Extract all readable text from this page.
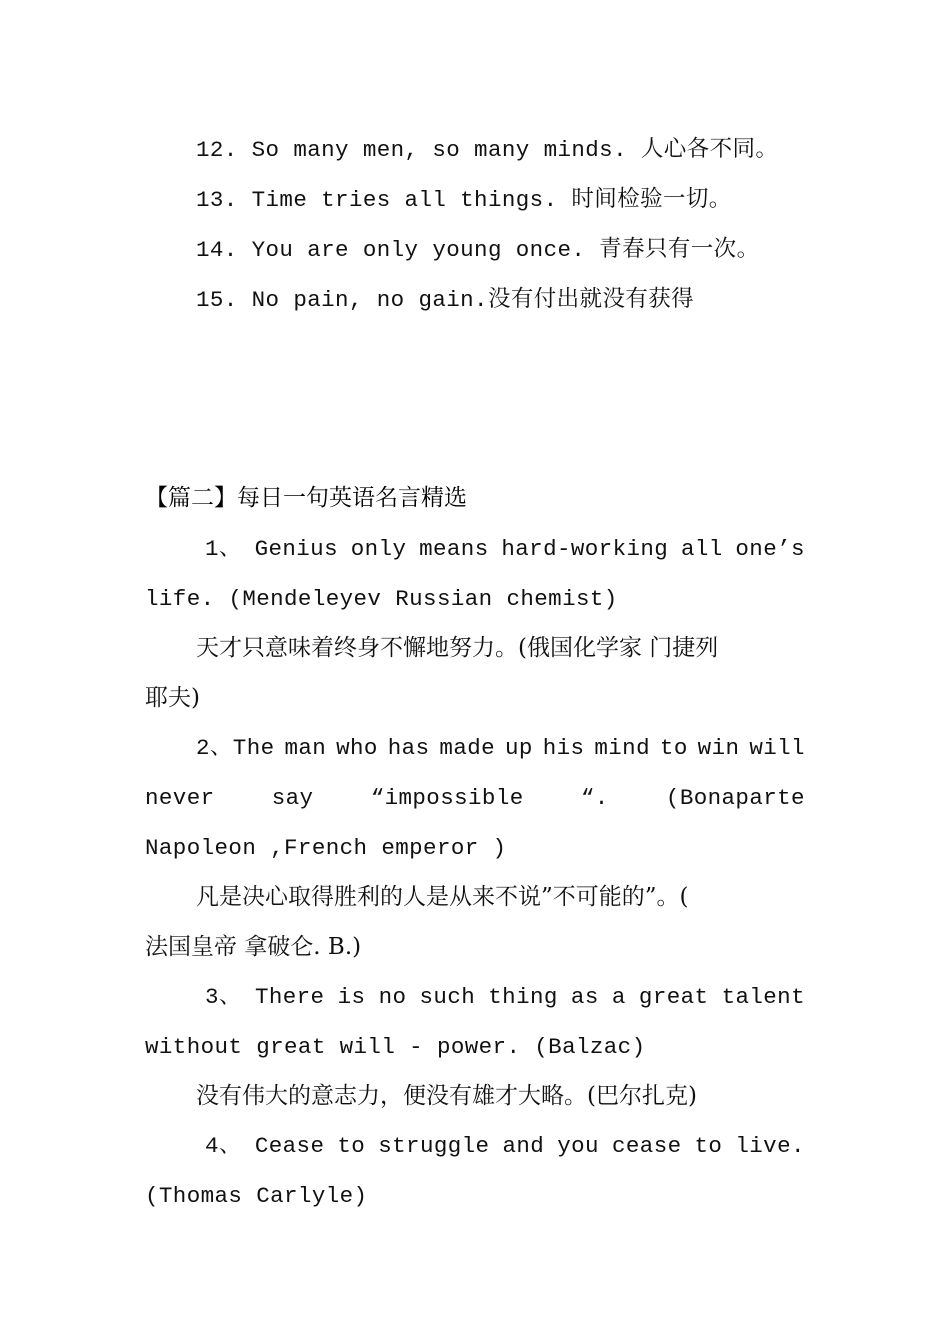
12. So many men, so many minds. 人心各不同。
13. Time tries all things. 时间检验一切。
14. You are only young once. 青春只有一次。
15. No pain, no gain.没有付出就没有获得
【篇二】每日一句英语名言精选
1、 Genius only means hard-working all one’s
life. (Mendeleyev Russian chemist)
天才只意味着终身不懈地努力。(俄国化学家 门捷列
耶夫)
2、The man who has made up his mind to win will
never	say	“impossible	“.	(Bonaparte
Napoleon ,French emperor )
凡是决心取得胜利的人是从来不说”不可能的”。(
法国皇帝 拿破仑. B.)
3、 There is no such thing as a great talent
without great will - power. (Balzac)
没有伟大的意志力，便没有雄才大略。(巴尔扎克)
4、 Cease to struggle and you cease to live.
(Thomas Carlyle)
